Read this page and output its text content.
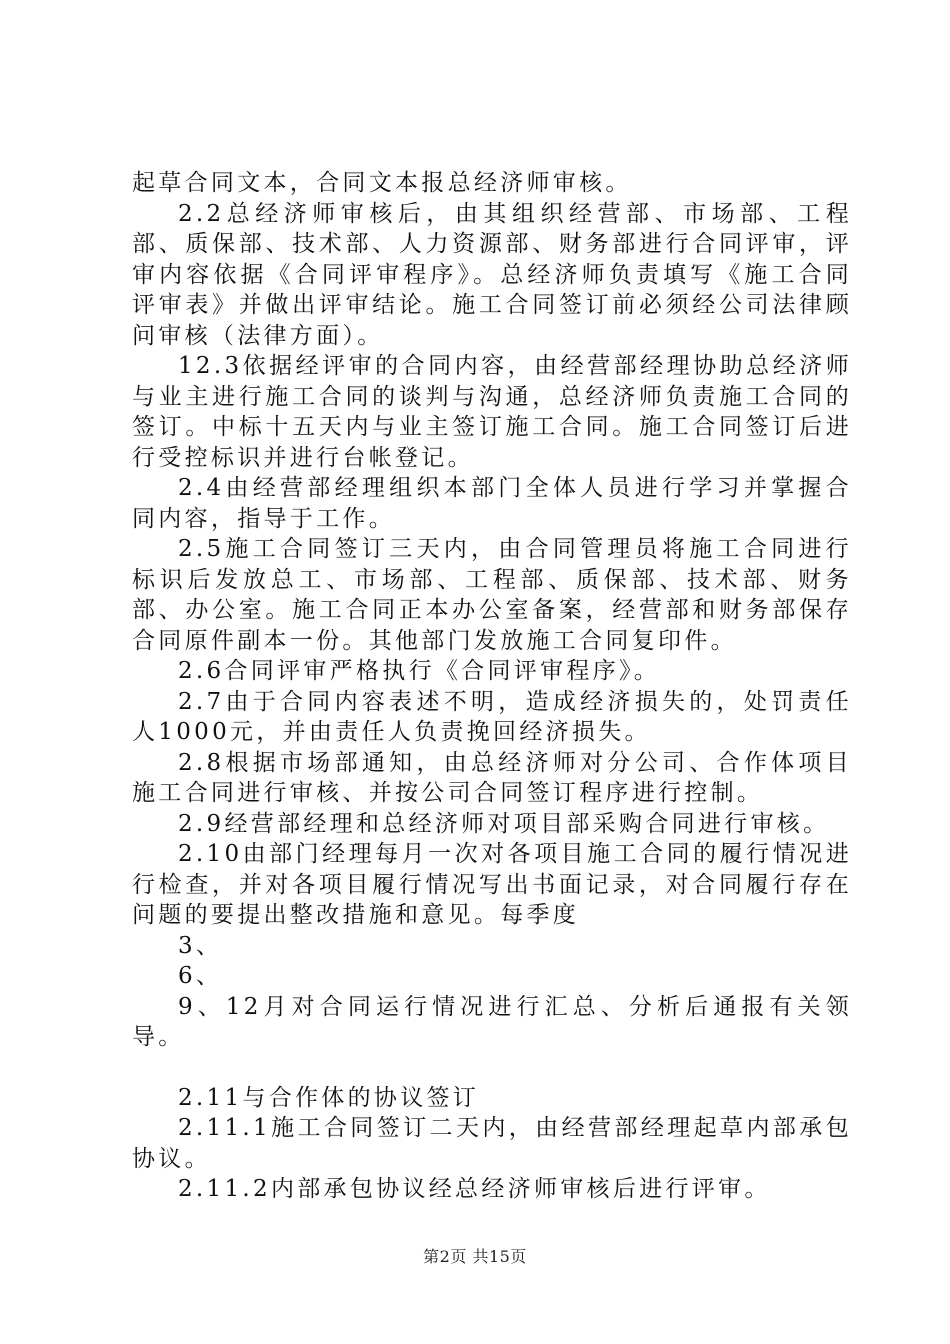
起草合同文本，合同文本报总经济师审核。

2.2总经济师审核后，由其组织经营部、市场部、工程部、质保部、技术部、人力资源部、财务部进行合同评审，评审内容依据《合同评审程序》。总经济师负责填写《施工合同评审表》并做出评审结论。施工合同签订前必须经公司法律顾问审核（法律方面）。

12.3依据经评审的合同内容，由经营部经理协助总经济师与业主进行施工合同的谈判与沟通，总经济师负责施工合同的签订。中标十五天内与业主签订施工合同。施工合同签订后进行受控标识并进行台帐登记。

2.4由经营部经理组织本部门全体人员进行学习并掌握合同内容，指导于工作。

2.5施工合同签订三天内，由合同管理员将施工合同进行标识后发放总工、市场部、工程部、质保部、技术部、财务部、办公室。施工合同正本办公室备案，经营部和财务部保存合同原件副本一份。其他部门发放施工合同复印件。

2.6合同评审严格执行《合同评审程序》。

2.7由于合同内容表述不明，造成经济损失的，处罚责任人1000元，并由责任人负责挽回经济损失。

2.8根据市场部通知，由总经济师对分公司、合作体项目施工合同进行审核、并按公司合同签订程序进行控制。

2.9经营部经理和总经济师对项目部采购合同进行审核。

2.10由部门经理每月一次对各项目施工合同的履行情况进行检查，并对各项目履行情况写出书面记录，对合同履行存在问题的要提出整改措施和意见。每季度

3、

6、

9、12月对合同运行情况进行汇总、分析后通报有关领导。

2.11与合作体的协议签订

2.11.1施工合同签订二天内，由经营部经理起草内部承包协议。

2.11.2内部承包协议经总经济师审核后进行评审。

第2页 共15页
